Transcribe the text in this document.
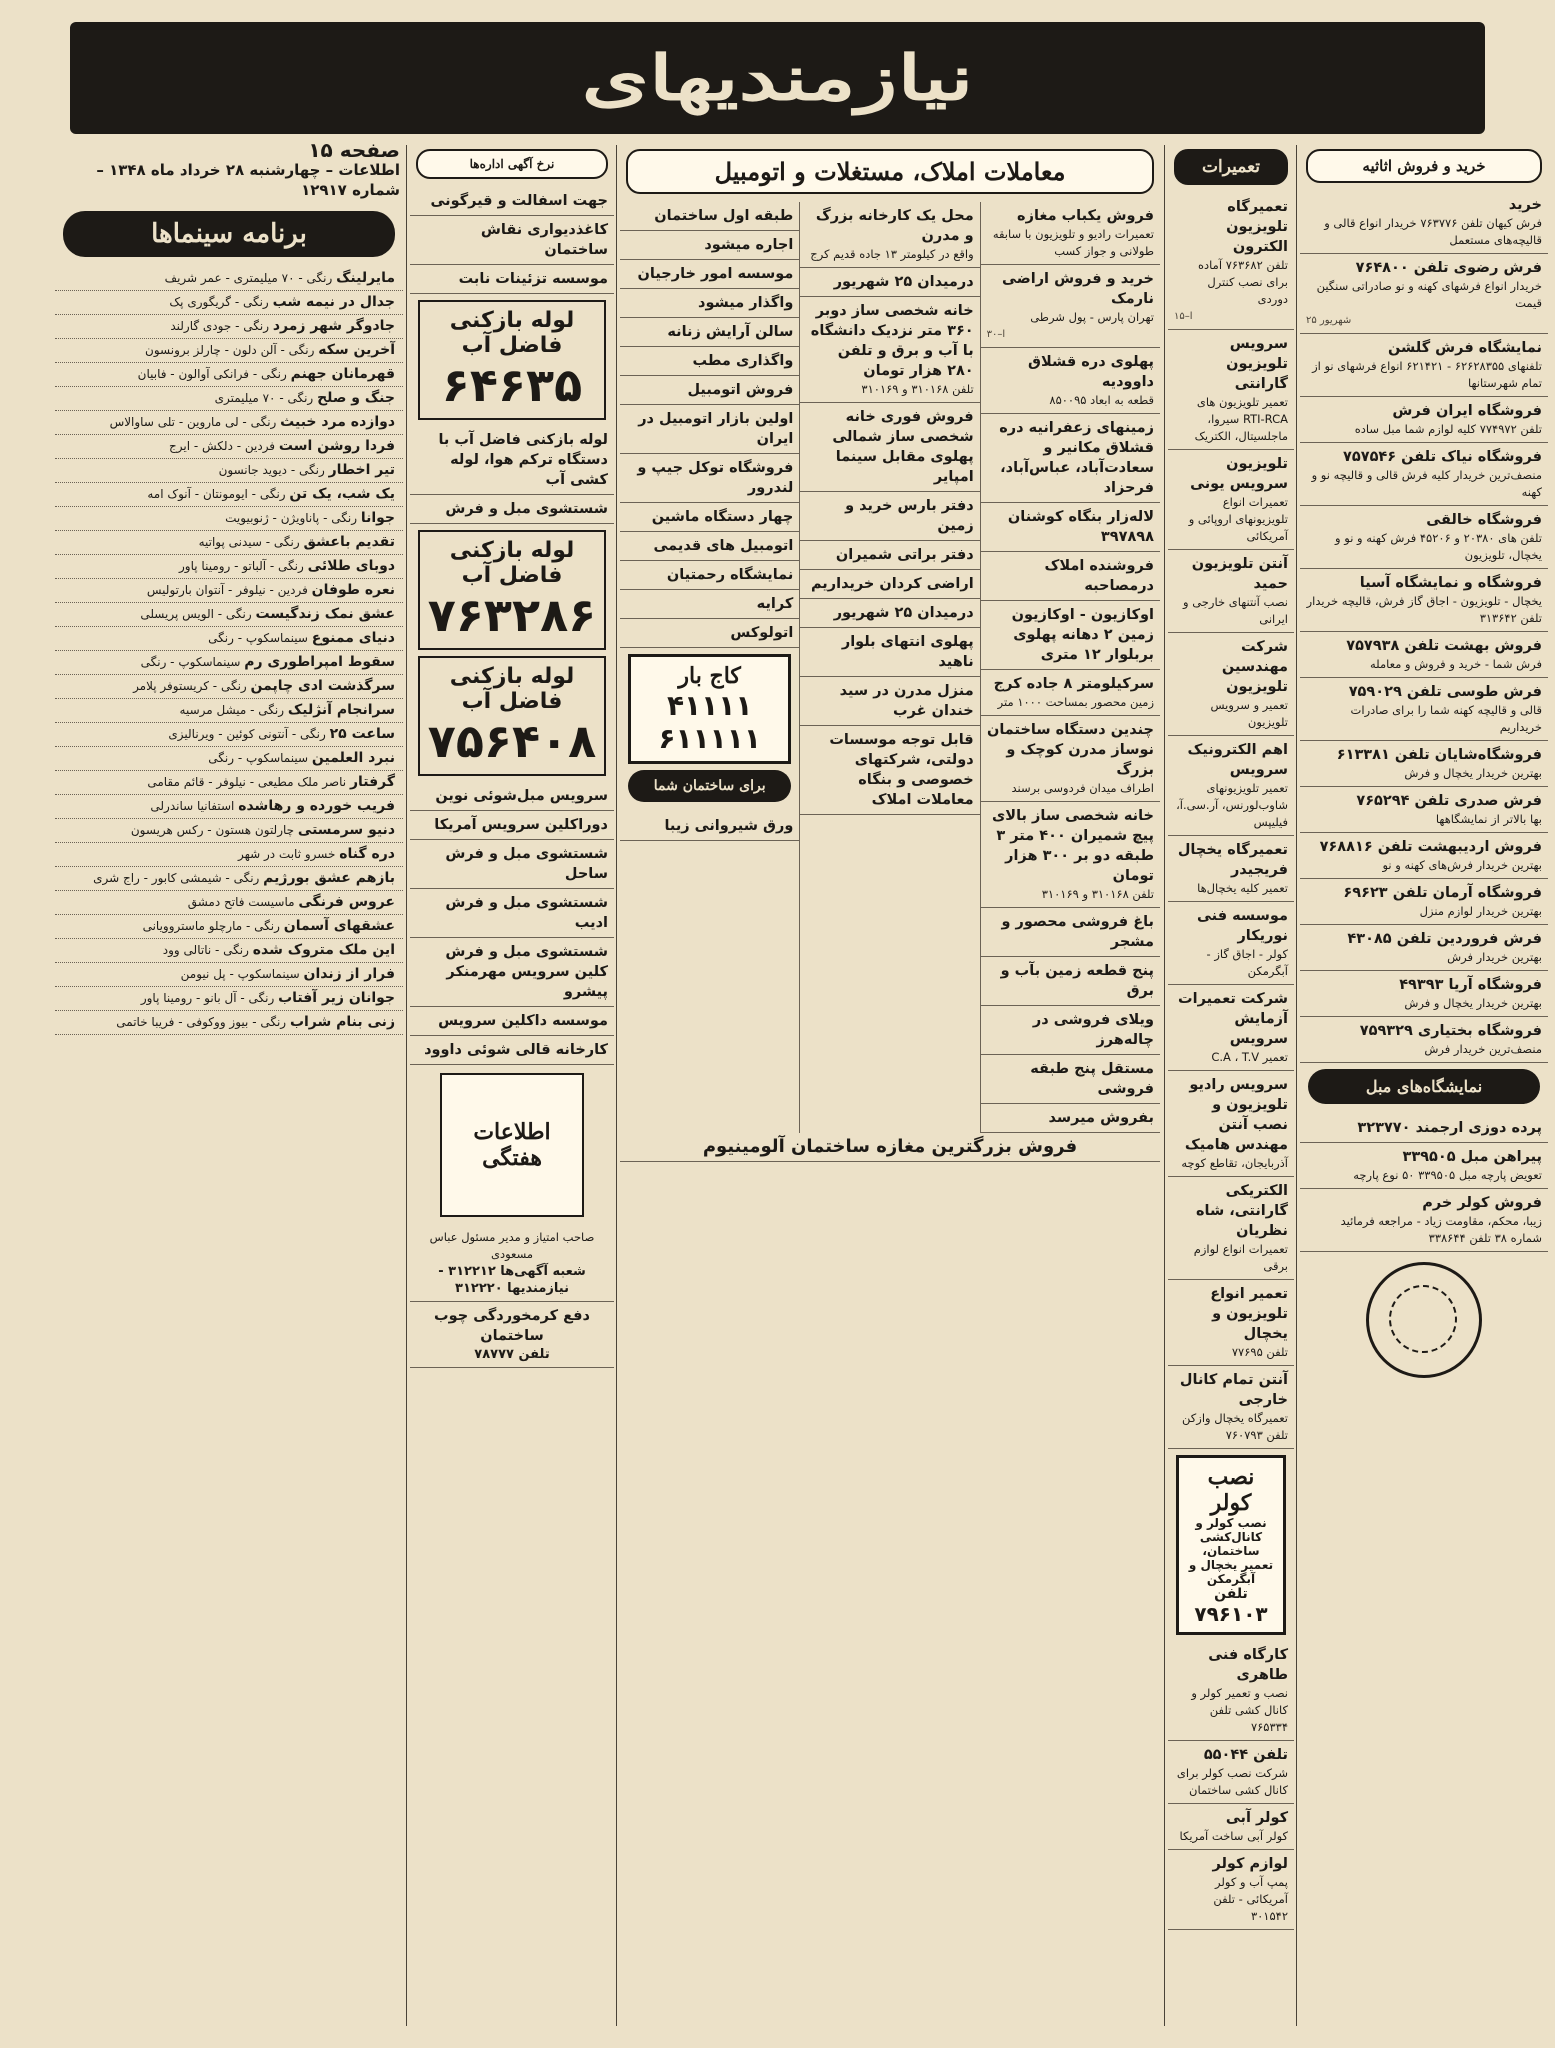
نیازمندیهای
صفحه ۱۵
اطلاعات – چهارشنبه ۲۸ خرداد ماه ۱۳۴۸ – شماره ۱۲۹۱۷
خرید و فروش اثاثیه
خرید
فرش کیهان تلفن ۷۶۳۷۷۶ خریدار انواع قالی و قالیچه‌های مستعمل
فرش رضوی تلفن ۷۶۴۸۰۰
خریدار انواع فرشهای کهنه و نو صادراتی سنگین قیمت
۲۵ شهریور
نمایشگاه فرش گلشن
تلفنهای ۶۲۶۲۸۳۵۵ - ۶۲۱۴۲۱ انواع فرشهای نو از تمام شهرستانها
فروشگاه ایران فرش
تلفن ۷۷۴۹۷۲ کلیه لوازم شما مبل ساده
فروشگاه نیاک تلفن ۷۵۷۵۴۶
منصف‌ترین خریدار کلیه فرش قالی و قالیچه نو و کهنه
فروشگاه خالقی
تلفن های ۲۰۳۸۰ و ۴۵۲۰۶ فرش کهنه و نو و یخچال، تلویزیون
فروشگاه و نمایشگاه آسیا
یخچال - تلویزیون - اجاق گاز فرش، قالیچه خریدار تلفن ۳۱۳۶۴۲
فروش بهشت تلفن ۷۵۷۹۳۸
فرش شما - خرید و فروش و معامله
فرش طوسی تلفن ۷۵۹۰۲۹
قالی و قالیچه کهنه شما را برای صادرات خریداریم
فروشگاه‌شایان تلفن ۶۱۳۳۸۱
بهترین خریدار یخچال و فرش
فرش صدری تلفن ۷۶۵۲۹۴
بها بالاتر از نمایشگاهها
فروش اردیبهشت تلفن ۷۶۸۸۱۶
بهترین خریدار فرش‌های کهنه و نو
فروشگاه آرمان تلفن ۶۹۶۲۳
بهترین خریدار لوازم منزل
فرش فروردین تلفن ۴۳۰۸۵
بهترین خریدار فرش
فروشگاه آریا ۴۹۳۹۳
بهترین خریدار یخچال و فرش
فروشگاه بختیاری ۷۵۹۳۲۹
منصف‌ترین خریدار فرش
نمایشگاه‌های مبل
پرده دوزی ارجمند ۳۲۳۷۷۰
پیراهن مبل ۳۳۹۵۰۵
تعویض پارچه مبل ۳۳۹۵۰۵ ۵۰ نوع پارچه
فروش کولر خرم
زیبا، محکم، مقاومت زیاد - مراجعه فرمائید شماره ۳۸ تلفن ۳۳۸۶۴۴
تعمیرات
تعمیرگاه تلویزیون الکترون
تلفن ۷۶۳۶۸۲ آماده برای نصب کنترل دوردی
ا–۱۵
سرویس تلویزیون گارانتی
تعمیر تلویزیون های RTI-RCA سیروا، ماجلسیتال، الکتریک
تلویزیون سرویس یونی
تعمیرات انواع تلویزیونهای اروپائی و آمریکائی
آنتن تلویزیون حمید
نصب آنتنهای خارجی و ایرانی
شرکت مهندسین تلویزیون
تعمیر و سرویس تلویزیون
اهم الکترونیک سرویس
تعمیر تلویزیونهای شاوب‌لورنس، آر.سی.آ، فیلیپس
تعمیرگاه یخچال فریجیدر
تعمیر کلیه یخچال‌ها
موسسه فنی نوریکار
کولر - اجاق گاز - آبگرمکن
شرکت تعمیرات آزمایش سرویس
تعمیر C.A ، T.V
سرویس رادیو تلویزیون و نصب آنتن مهندس هامیک
آذربایجان، تقاطع کوچه
الکتریکی گارانتی، شاه نظریان
تعمیرات انواع لوازم برقی
تعمیر انواع تلویزیون و یخچال
تلفن ۷۷۶۹۵
آنتن تمام کانال خارجی
تعمیرگاه یخچال وازکن تلفن ۷۶۰۷۹۳
نصب کولر
نصب کولر و کانال‌کشی ساختمان، تعمیر یخچال و آبگرمکن
تلفن
۷۹۶۱۰۳
کارگاه فنی طاهری
نصب و تعمیر کولر و کانال کشی تلفن ۷۶۵۳۳۴
تلفن ۵۵۰۴۴
شرکت نصب کولر برای کانال کشی ساختمان
کولر آبی
کولر آبی ساخت آمریکا
لوازم کولر
پمپ آب و کولر آمریکائی - تلفن ۳۰۱۵۴۲
معاملات املاک، مستغلات و اتومبیل
فروش یکباب مغازه
تعمیرات رادیو و تلویزیون با سابقه طولانی و جواز کسب
خرید و فروش اراضی نارمک
تهران پارس - پول شرطی
ا–۳۰
پهلوی دره قشلاق داوودیه
قطعه به ابعاد ۸۵۰۰۹۵
زمینهای زعفرانیه دره قشلاق مکانیر و سعادت‌آباد، عباس‌آباد، فرحزاد
لاله‌زار بنگاه کوشنان ۳۹۷۸۹۸
فروشنده املاک درمصاحبه
اوکازیون - اوکازیون زمین ۲ دهانه پهلوی بربلوار ۱۲ متری
سرکیلومتر ۸ جاده کرج
زمین محصور بمساحت ۱۰۰۰ متر
چندین دستگاه ساختمان نوساز مدرن کوچک و بزرگ
اطراف میدان فردوسی برسند
خانه شخصی ساز بالای پیچ شمیران ۴۰۰ متر ۳ طبقه دو بر ۳۰۰ هزار تومان
تلفن ۳۱۰۱۶۸ و ۳۱۰۱۶۹
باغ فروشی محصور و مشجر
پنج قطعه زمین بآب و برق
ویلای فروشی در چاله‌هرز
مستقل پنج طبقه فروشی
بفروش میرسد
محل یک کارخانه بزرگ و مدرن
واقع در کیلومتر ۱۳ جاده قدیم کرج
درمیدان ۲۵ شهریور
خانه شخصی ساز دوبر ۳۶۰ متر نزدیک دانشگاه با آب و برق و تلفن ۲۸۰ هزار تومان
تلفن ۳۱۰۱۶۸ و ۳۱۰۱۶۹
فروش فوری خانه شخصی ساز شمالی پهلوی مقابل سینما امپایر
دفتر بارس خرید و زمین
دفتر براتی شمیران
اراضی کردان خریداریم
درمیدان ۲۵ شهریور
پهلوی انتهای بلوار ناهید
منزل مدرن در سید خندان غرب
قابل توجه موسسات دولتی، شرکتهای خصوصی و بنگاه معاملات املاک
طبقه اول ساختمان
اجاره میشود
موسسه امور خارجیان
واگذار میشود
سالن آرایش زنانه
واگذاری مطب
فروش اتومبیل
اولین بازار اتومبیل در ایران
فروشگاه توکل جیپ و لندرور
چهار دستگاه ماشین
اتومبیل های قدیمی
نمایشگاه رحمتیان
کرایه
اتولوکس
کاج بار
۴۱۱۱۱
۶۱۱۱۱۱
برای ساختمان شما
ورق شیروانی زیبا
فروش بزرگترین مغازه ساختمان آلومینیوم
نرخ آگهی اداره‌ها
جهت اسفالت و قیرگونی
کاغذدیواری نقاش ساختمان
موسسه تزئینات نابت
لوله بازکنی فاضل آب
۶۴۶۳۵
لوله بازکنی فاضل آب با دستگاه ترکم هوا، لوله کشی آب
شستشوی مبل و فرش
لوله بازکنی فاضل آب
۷۶۳۲۸۶
لوله بازکنی فاضل آب
۷۵۶۴۰۸
سرویس مبل‌شوئی نوین
دوراکلین سرویس آمریکا
شستشوی مبل و فرش ساحل
شستشوی مبل و فرش ادیب
شستشوی مبل و فرش کلین سرویس مهرمنکر پیشرو
موسسه داکلین سرویس
کارخانه قالی شوئی داوود
اطلاعات هفتگی
صاحب امتیاز و مدیر مسئول عباس مسعودی
شعبه آگهی‌ها ۳۱۲۲۱۲ - نیازمندیها ۳۱۲۲۲۰
دفع کرمخوردگی چوب ساختمان
تلفن ۷۸۷۷۷
برنامه سینماها
مایرلینگ رنگی - ۷۰ میلیمتری - عمر شریف
جدال در نیمه شب رنگی - گریگوری پک
جادوگر شهر زمرد رنگی - جودی گارلند
آخرین سکه رنگی - آلن دلون - چارلز برونسون
قهرمانان جهنم رنگی - فرانکی آوالون - فابیان
جنگ و صلح رنگی - ۷۰ میلیمتری
دوازده مرد خبیث رنگی - لی ماروین - تلی ساوالاس
فردا روشن است فردین - دلکش - ایرج
تیر اخطار رنگی - دیوید جانسون
یک شب، یک تن رنگی - ایومونتان - آنوک امه
جوانا رنگی - پاناویژن - ژنوبیویت
تقدیم باعشق رنگی - سیدنی پواتیه
دوبای طلائی رنگی - آلباتو - رومینا پاور
نعره طوفان فردین - نیلوفر - آنتوان بارتولیس
عشق نمک زندگیست رنگی - الویس پریسلی
دنیای ممنوع سینماسکوپ - رنگی
سقوط امپراطوری رم سینماسکوپ - رنگی
سرگذشت ادی چاپمن رنگی - کریستوفر پلامر
سرانجام آنژلیک رنگی - میشل مرسیه
ساعت ۲۵ رنگی - آنتونی کوئین - ویرنالیزی
نبرد العلمین سینماسکوپ - رنگی
گرفتار ناصر ملک مطیعی - نیلوفر - قائم مقامی
فریب خورده و رهاشده استفانیا ساندرلی
دنیو سرمستی چارلتون هستون - رکس هریسون
دره گناه خسرو ثابت در شهر
بازهم عشق بورژیم رنگی - شیمشی کابور - راج شری
عروس فرنگی ماسیست فاتح دمشق
عشقهای آسمان رنگی - مارچلو ماستروویانی
این ملک متروک شده رنگی - ناتالی وود
فرار از زندان سینماسکوپ - پل نیومن
جوانان زیر آفتاب رنگی - آل بانو - رومینا پاور
زنی بنام شراب رنگی - بیوز ووکوفی - فریبا خاتمی
